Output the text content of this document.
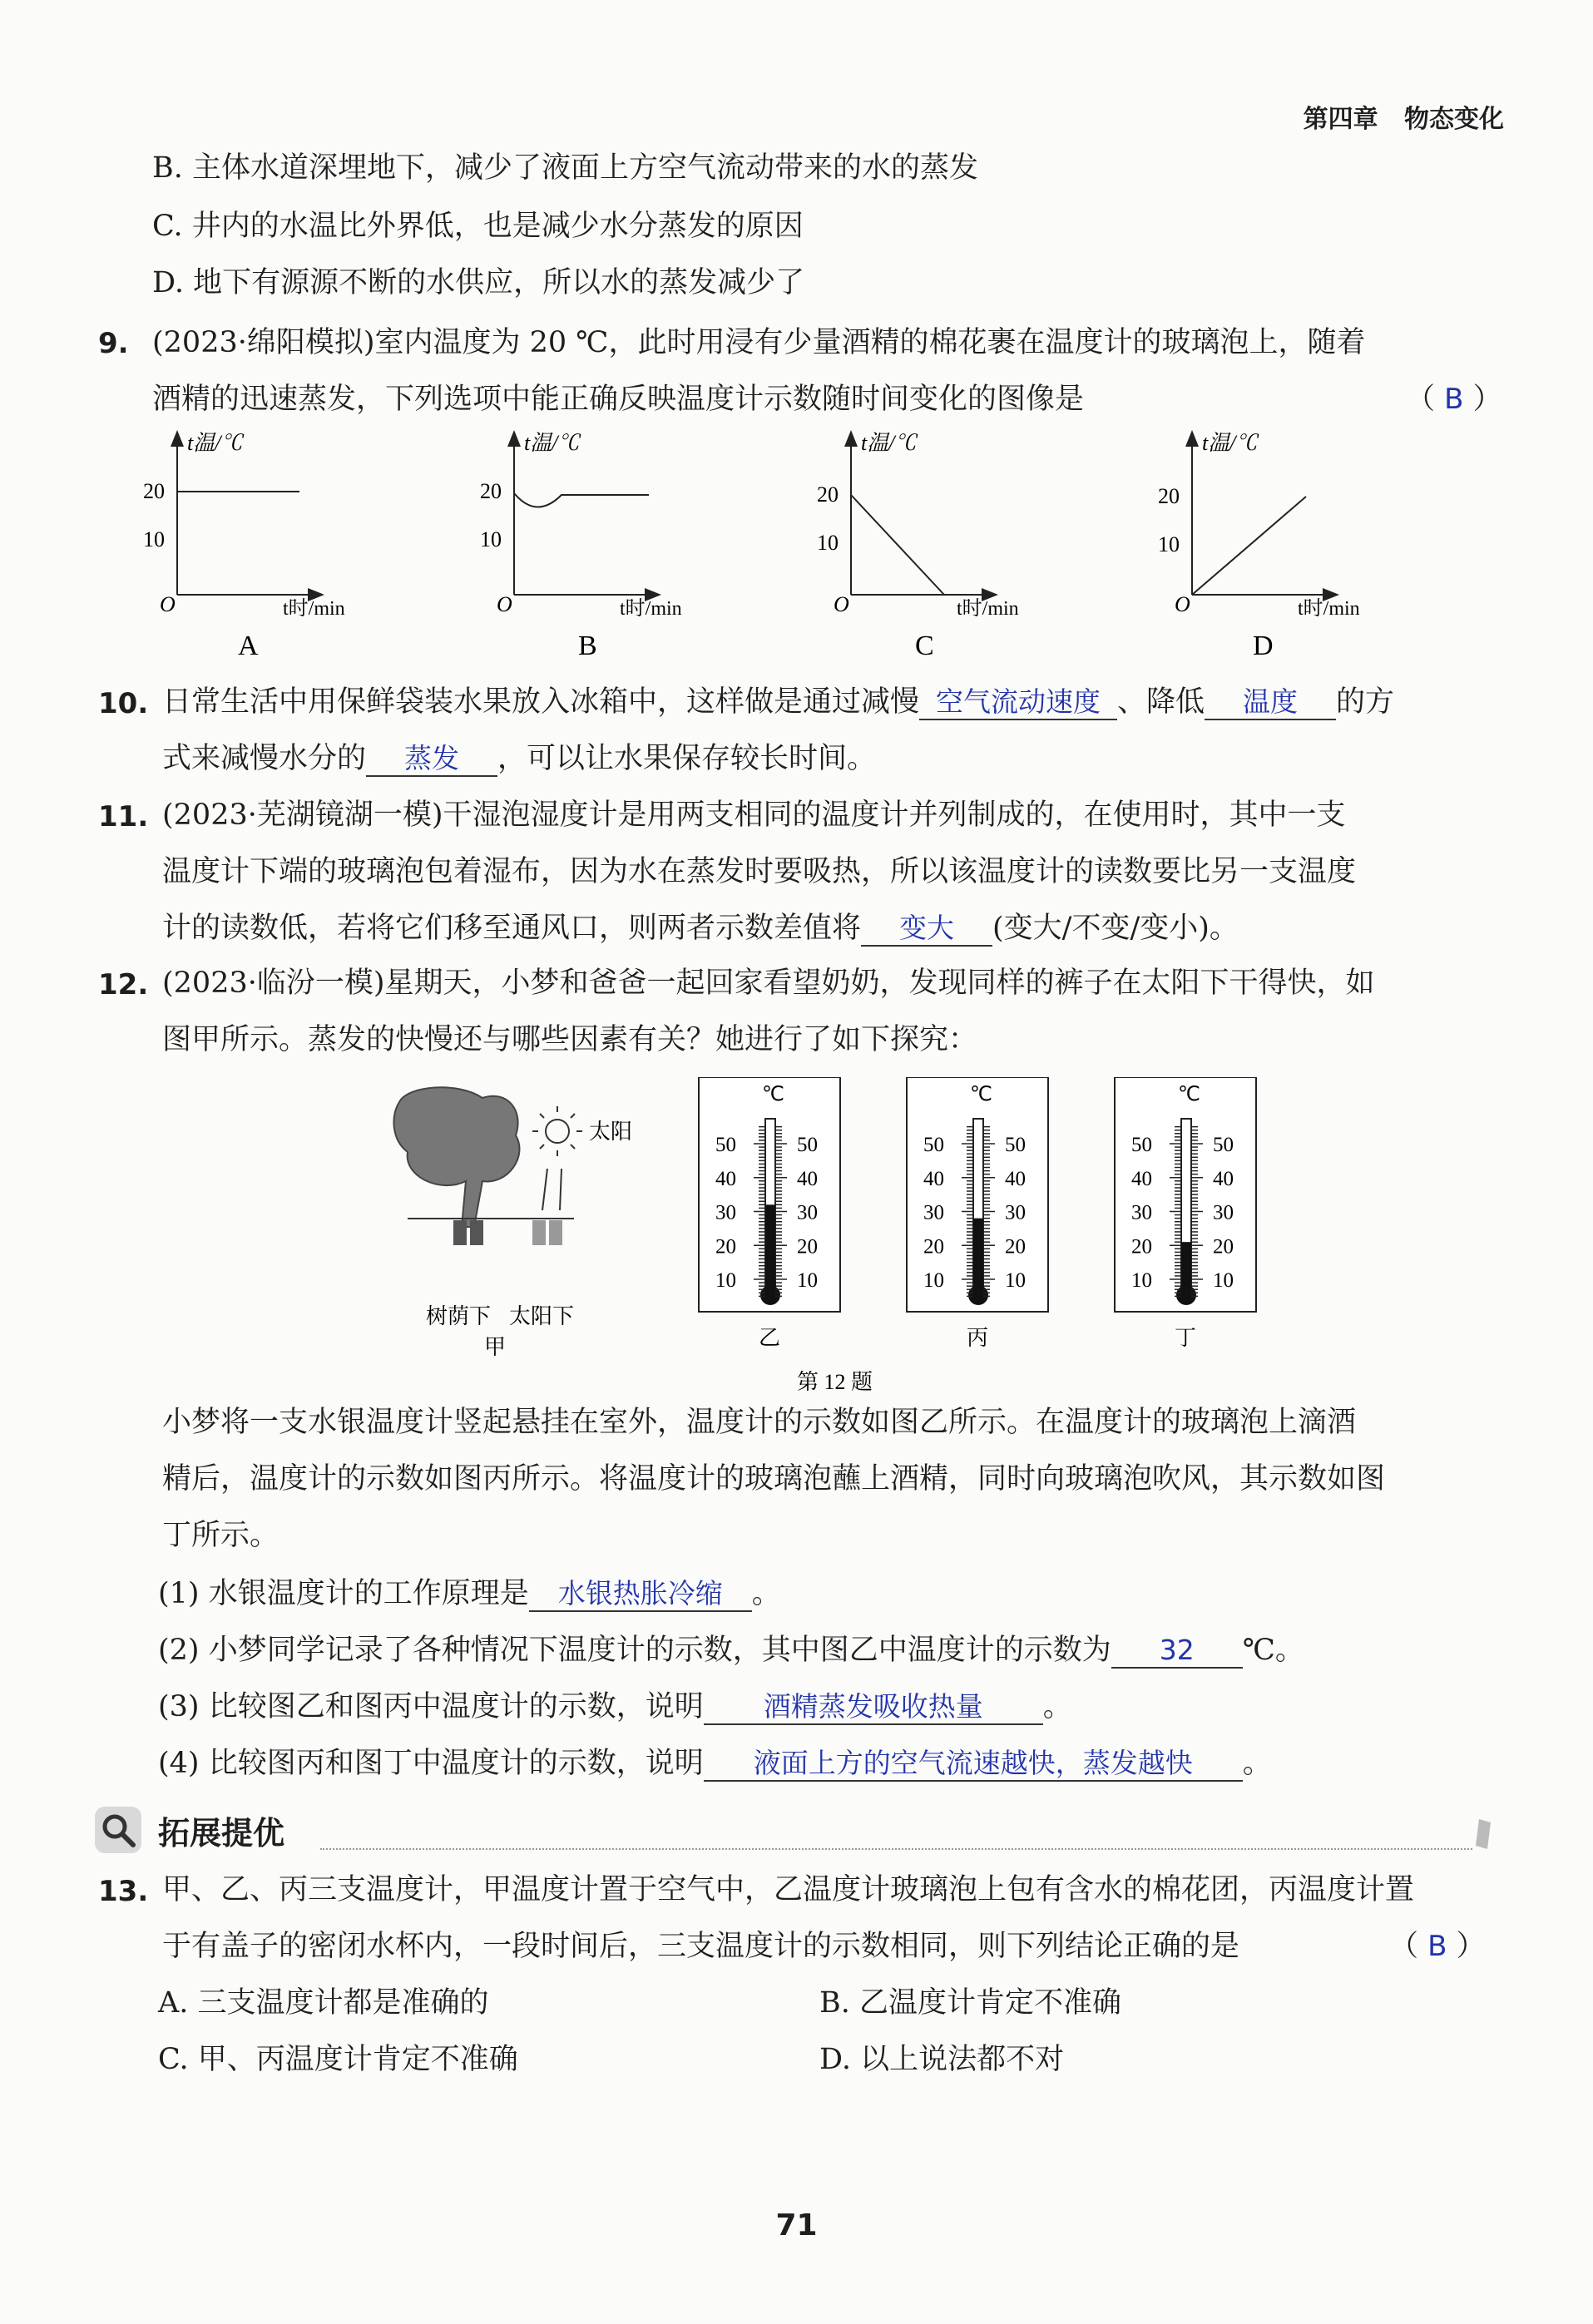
第四章 物态变化
B. 主体水道深埋地下，减少了液面上方空气流动带来的水的蒸发
C. 井内的水温比外界低，也是减少水分蒸发的原因
D. 地下有源源不断的水供应，所以水的蒸发减少了
9. (2023·绵阳模拟)室内温度为 20 ℃，此时用浸有少量酒精的棉花裹在温度计的玻璃泡上，随着
酒精的迅速蒸发，下列选项中能正确反映温度计示数随时间变化的图像是	（ B ）
t温/℃
20
10
O	t时/min
A
t温/℃
20
10
O	t时/min
B
t温/℃
20
10
O	t时/min
C
t温/℃
20
10
O	t时/min
D
10. 日常生活中用保鲜袋装水果放入冰箱中，这样做是通过减慢 空气流动速度 、降低 温度 的方
式来减慢水分的 蒸发 ，可以让水果保存较长时间。
11. (2023·芜湖镜湖一模)干湿泡湿度计是用两支相同的温度计并列制成的，在使用时，其中一支
温度计下端的玻璃泡包着湿布，因为水在蒸发时要吸热，所以该温度计的读数要比另一支温度
计的读数低，若将它们移至通风口，则两者示数差值将 变大 (变大/不变/变小)。
12. (2023·临汾一模)星期天，小梦和爸爸一起回家看望奶奶，发现同样的裤子在太阳下干得快，如
图甲所示。蒸发的快慢还与哪些因素有关？她进行了如下探究：
太阳
树荫下 太阳下
甲
℃
50	50
40	40
30	30
20	20
10	10
乙
℃
50	50
40	40
30	30
20	20
10	10
丙
℃
50	50
40	40
30	30
20	20
10	10
丁
第 12 题
小梦将一支水银温度计竖起悬挂在室外，温度计的示数如图乙所示。在温度计的玻璃泡上滴酒
精后，温度计的示数如图丙所示。将温度计的玻璃泡蘸上酒精，同时向玻璃泡吹风，其示数如图
丁所示。
(1) 水银温度计的工作原理是 水银热胀冷缩 。
(2) 小梦同学记录了各种情况下温度计的示数，其中图乙中温度计的示数为 32 ℃。
(3) 比较图乙和图丙中温度计的示数，说明 酒精蒸发吸收热量 。
(4) 比较图丙和图丁中温度计的示数，说明 液面上方的空气流速越快，蒸发越快 。
拓展提优
13. 甲、乙、丙三支温度计，甲温度计置于空气中，乙温度计玻璃泡上包有含水的棉花团，丙温度计置
于有盖子的密闭水杯内，一段时间后，三支温度计的示数相同，则下列结论正确的是	（ B ）
A. 三支温度计都是准确的	B. 乙温度计肯定不准确
C. 甲、丙温度计肯定不准确	D. 以上说法都不对
71
